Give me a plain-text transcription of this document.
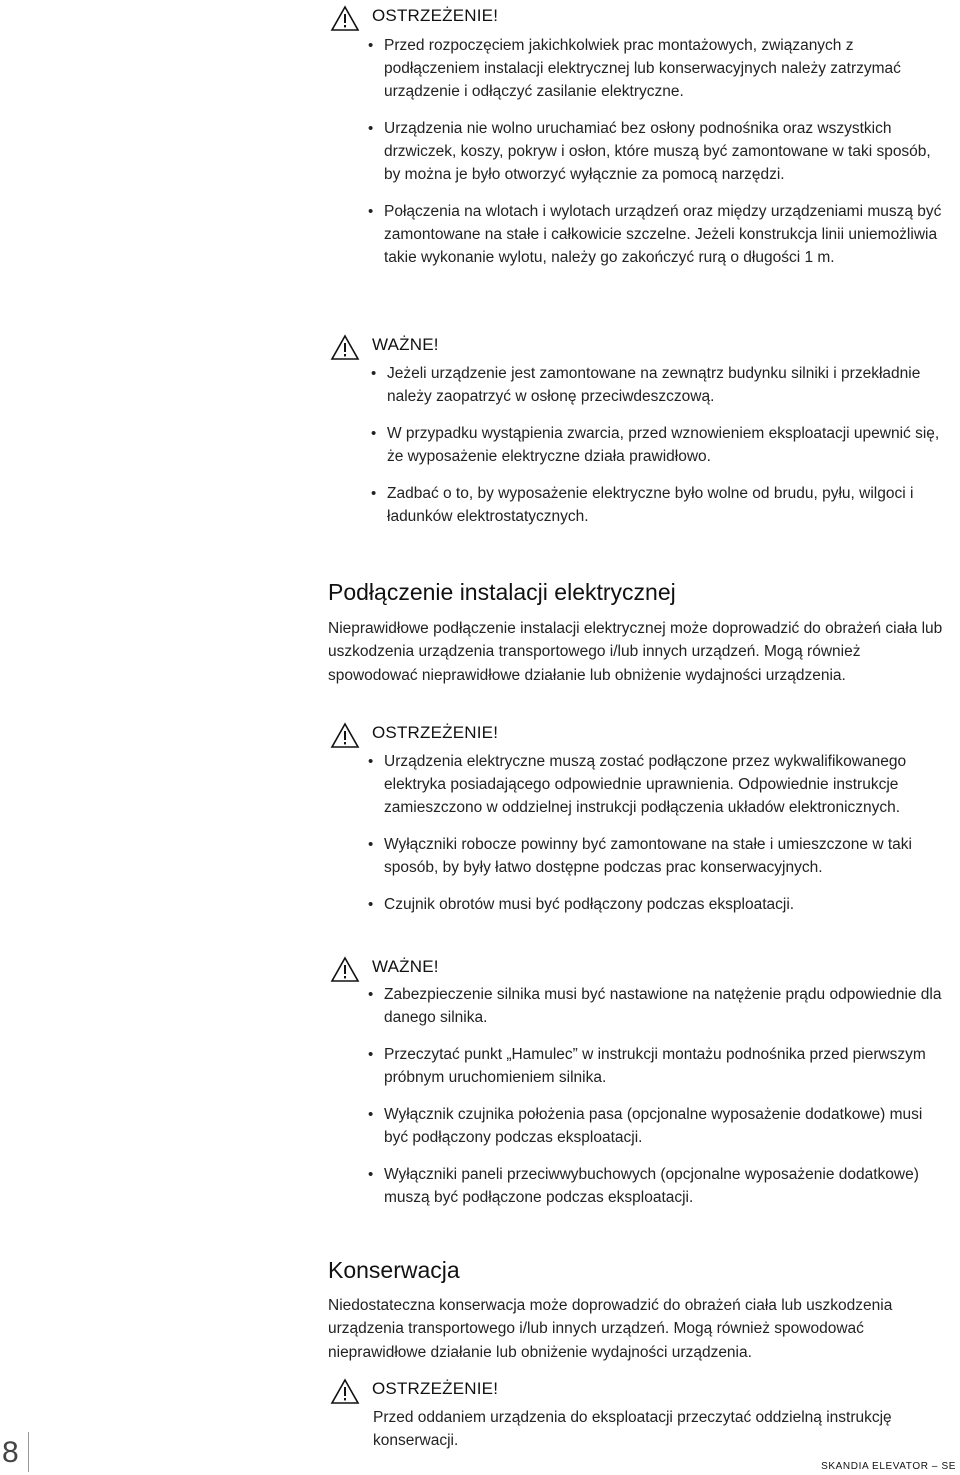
OSTRZEŻENIE!
• Przed rozpoczęciem jakichkolwiek prac montażowych, związanych z podłączeniem instalacji elektrycznej lub konserwacyjnych należy zatrzymać urządzenie i odłączyć zasilanie elektryczne.
• Urządzenia nie wolno uruchamiać bez osłony podnośnika oraz wszystkich drzwiczek, koszy, pokryw i osłon, które muszą być zamontowane w taki sposób, by można je było otworzyć wyłącznie za pomocą narzędzi.
• Połączenia na wlotach i wylotach urządzeń oraz między urządzeniami muszą być zamontowane na stałe i całkowicie szczelne. Jeżeli konstrukcja linii uniemożliwia takie wykonanie wylotu, należy go zakończyć rurą o długości 1 m.
WAŻNE!
• Jeżeli urządzenie jest zamontowane na zewnątrz budynku silniki i przekładnie należy zaopatrzyć w osłonę przeciwdeszczową.
• W przypadku wystąpienia zwarcia, przed wznowieniem eksploatacji upewnić się, że wyposażenie elektryczne działa prawidłowo.
• Zadbać o to, by wyposażenie elektryczne było wolne od brudu, pyłu, wilgoci i ładunków elektrostatycznych.
Podłączenie instalacji elektrycznej

Nieprawidłowe podłączenie instalacji elektrycznej może doprowadzić do obrażeń ciała lub uszkodzenia urządzenia transportowego i/lub innych urządzeń. Mogą również spowodować nieprawidłowe działanie lub obniżenie wydajności urządzenia.

OSTRZEŻENIE!
• Urządzenia elektryczne muszą zostać podłączone przez wykwalifikowanego elektryka posiadającego odpowiednie uprawnienia. Odpowiednie instrukcje zamieszczono w oddzielnej instrukcji podłączenia układów elektronicznych.
• Wyłączniki robocze powinny być zamontowane na stałe i umieszczone w taki sposób, by były łatwo dostępne podczas prac konserwacyjnych.
• Czujnik obrotów musi być podłączony podczas eksploatacji.
WAŻNE!
• Zabezpieczenie silnika musi być nastawione na natężenie prądu odpowiednie dla danego silnika.
• Przeczytać punkt „Hamulec” w instrukcji montażu podnośnika przed pierwszym próbnym uruchomieniem silnika.
• Wyłącznik czujnika położenia pasa (opcjonalne wyposażenie dodatkowe) musi być podłączony podczas eksploatacji.
• Wyłączniki paneli przeciwwybuchowych (opcjonalne wyposażenie dodatkowe) muszą być podłączone podczas eksploatacji.
Konserwacja

Niedostateczna konserwacja może doprowadzić do obrażeń ciała lub uszkodzenia urządzenia transportowego i/lub innych urządzeń. Mogą również spowodować nieprawidłowe działanie lub obniżenie wydajności urządzenia.

OSTRZEŻENIE!

Przed oddaniem urządzenia do eksploatacji przeczytać oddzielną instrukcję konserwacji.

8	SKANDIA ELEVATOR – SE
